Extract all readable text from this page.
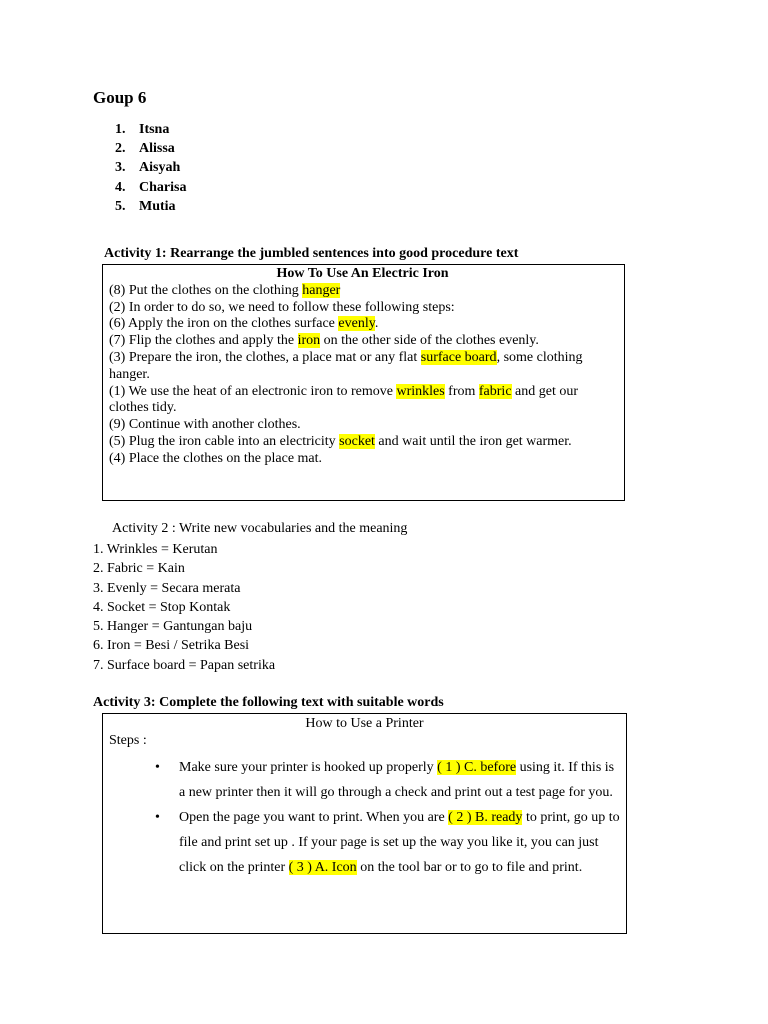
Goup 6
1. Itsna
2. Alissa
3. Aisyah
4. Charisa
5. Mutia
Activity 1: Rearrange the jumbled sentences into good procedure text
How To Use An Electric Iron
(8) Put the clothes on the clothing hanger
(2) In order to do so, we need to follow these following steps:
(6) Apply the iron on the clothes surface evenly.
(7) Flip the clothes and apply the iron on the other side of the clothes evenly.
(3) Prepare the iron, the clothes, a place mat or any flat surface board, some clothing hanger.
(1) We use the heat of an electronic iron to remove wrinkles from fabric and get our clothes tidy.
(9) Continue with another clothes.
(5) Plug the iron cable into an electricity socket and wait until the iron get warmer.
(4) Place the clothes on the place mat.
Activity 2 : Write new vocabularies and the meaning
1. Wrinkles = Kerutan
2. Fabric = Kain
3. Evenly = Secara merata
4. Socket = Stop Kontak
5. Hanger = Gantungan baju
6. Iron = Besi / Setrika Besi
7. Surface board = Papan setrika
Activity 3: Complete the following text with suitable words
How to Use a Printer
Steps :
• Make sure your printer is hooked up properly ( 1 ) C. before using it. If this is a new printer then it will go through a check and print out a test page for you.
• Open the page you want to print. When you are ( 2 ) B. ready to print, go up to file and print set up . If your page is set up the way you like it, you can just click on the printer ( 3 ) A. Icon on the tool bar or to go to file and print.
